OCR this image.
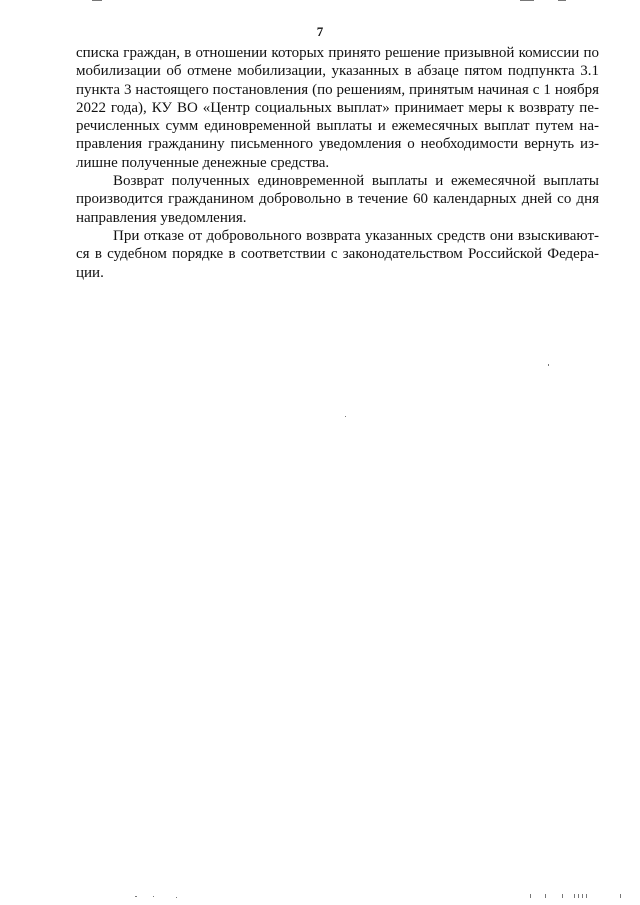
7
списка граждан, в отношении которых принято решение призывной комиссии по
мобилизации об отмене мобилизации, указанных в абзаце пятом подпункта 3.1
пункта 3 настоящего постановления (по решениям, принятым начиная с 1 ноября
2022 года), КУ ВО «Центр социальных выплат» принимает меры к возврату пе-
речисленных сумм единовременной выплаты и ежемесячных выплат путем на-
правления гражданину письменного уведомления о необходимости вернуть из-
лишне полученные денежные средства.
Возврат полученных единовременной выплаты и ежемесячной выплаты
производится гражданином добровольно в течение 60 календарных дней со дня
направления уведомления.
При отказе от добровольного возврата указанных средств они взыскивают-
ся в судебном порядке в соответствии с законодательством Российской Федера-
ции.
